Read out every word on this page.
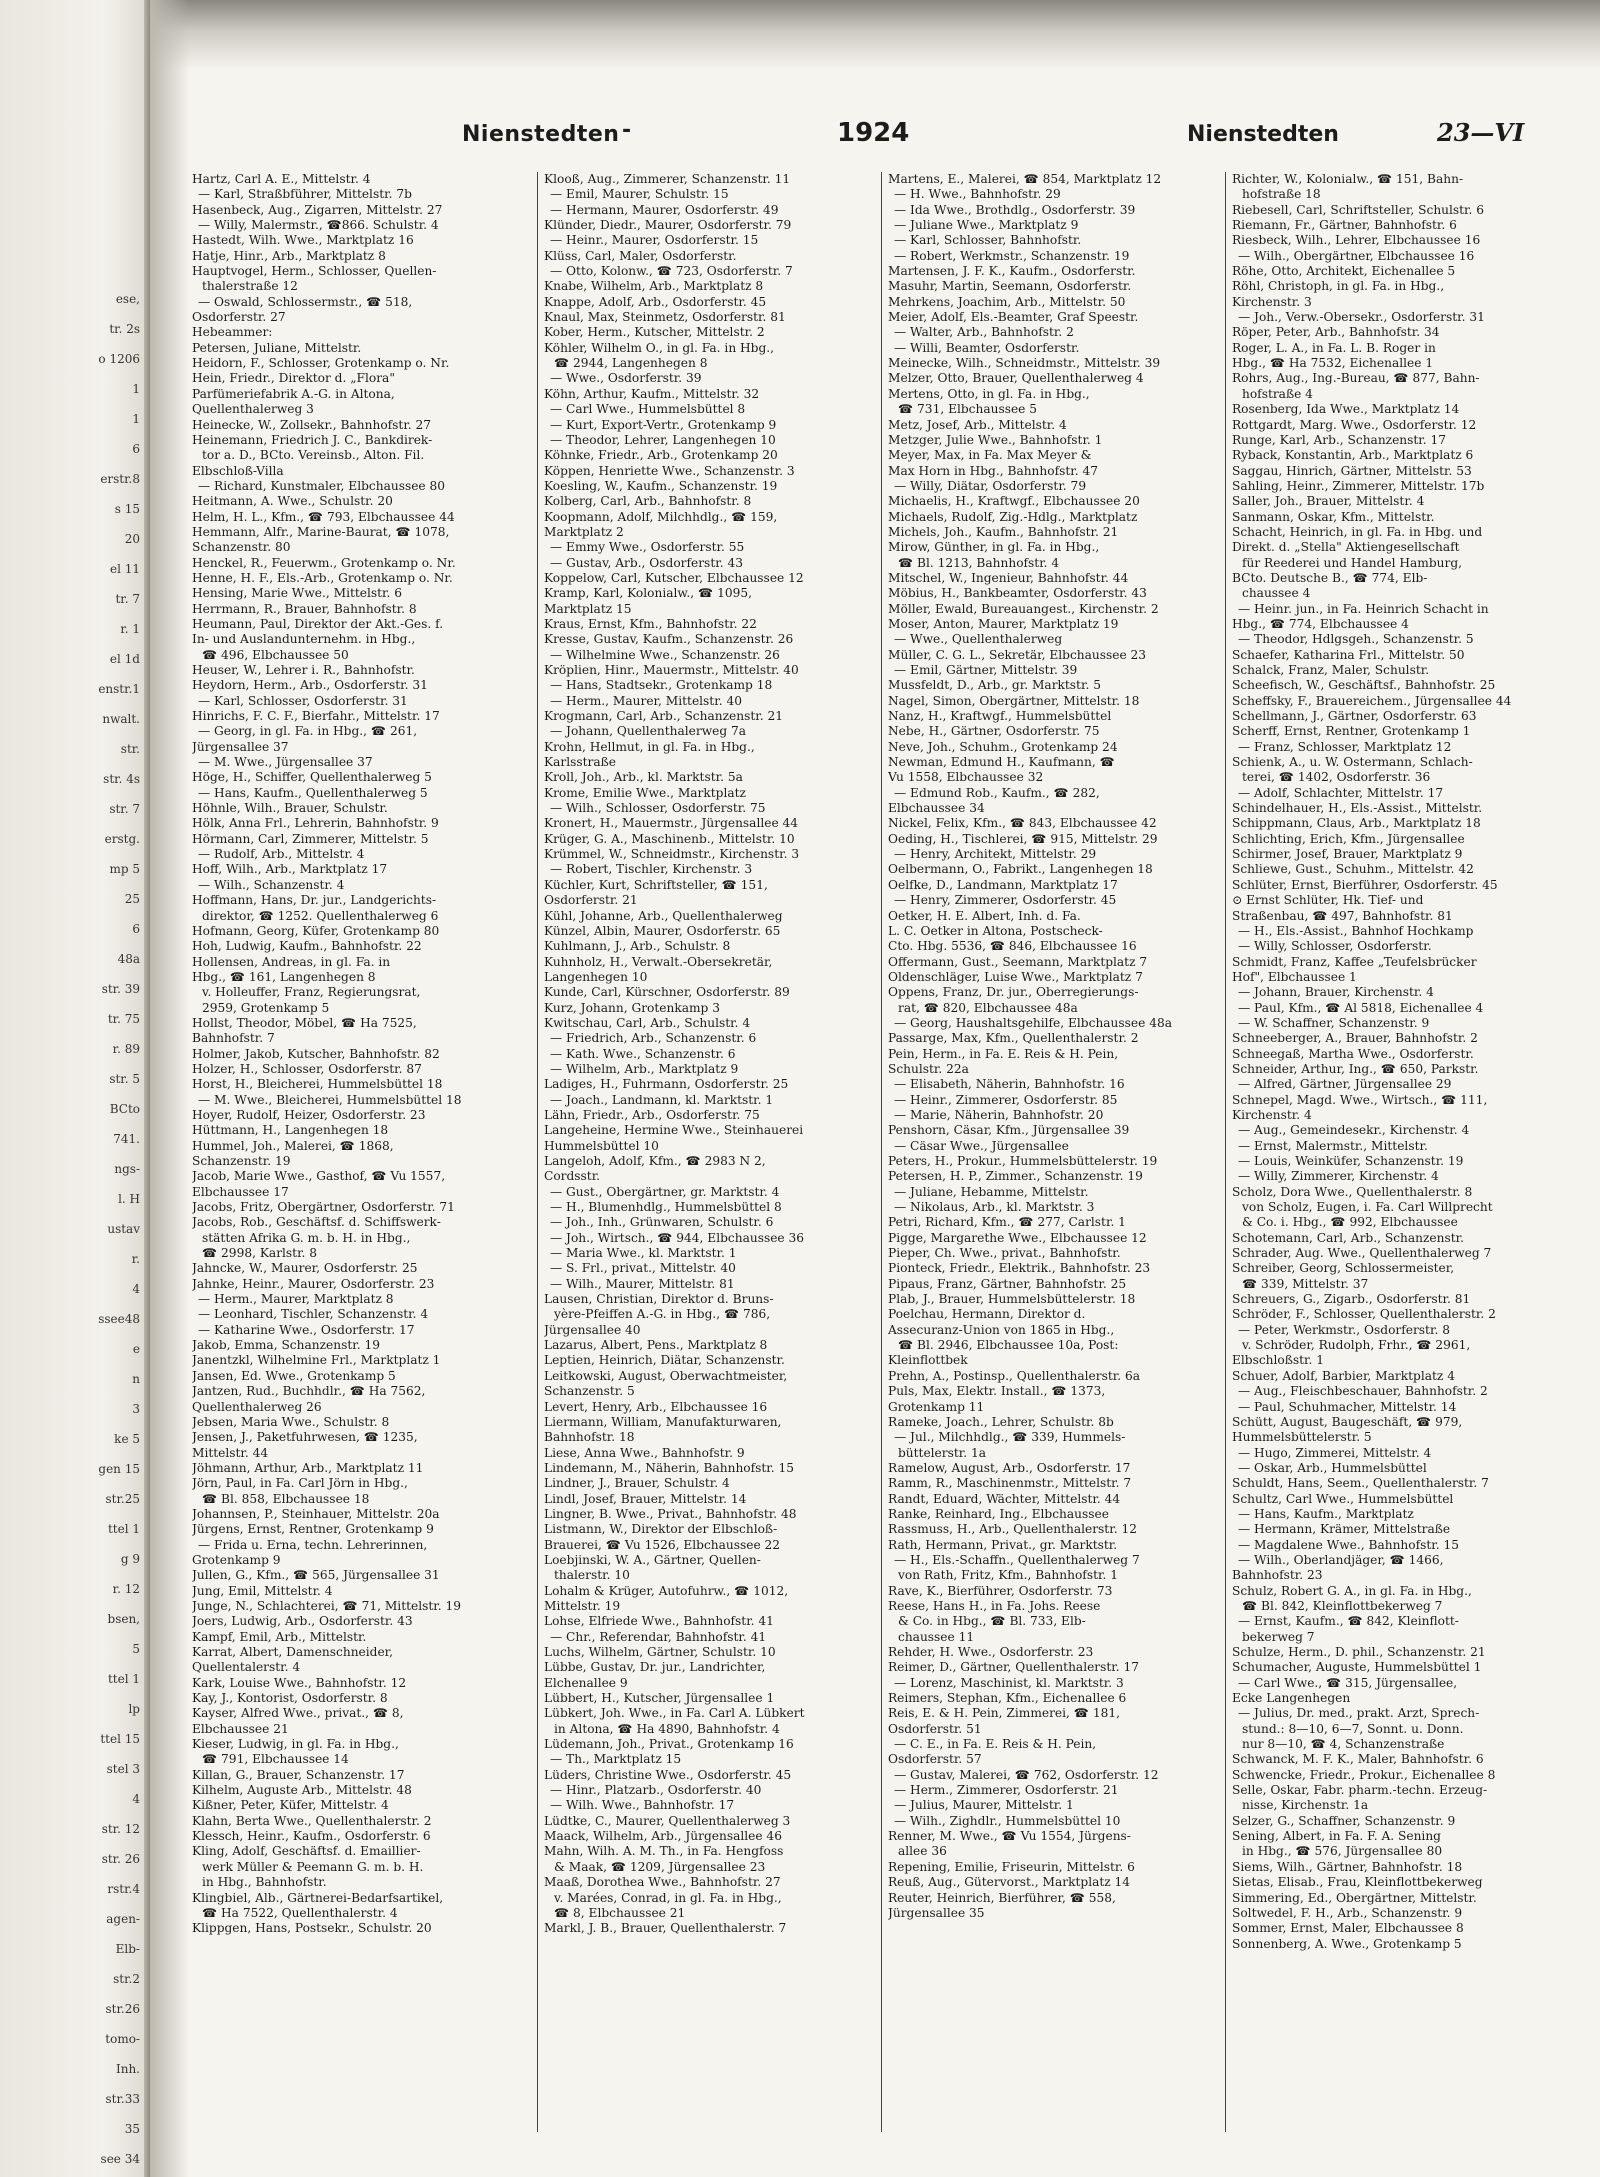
ese,
tr. 2s
o 1206
1
1
6
erstr.8
s 15
20
el 11
tr. 7
r. 1
el 1d
enstr.1
nwalt.
str.
str. 4s
str. 7
erstg.
mp 5
25
6
48a
str. 39
tr. 75
r. 89
str. 5
BCto
741.
ngs-
l. H
ustav
r.
4
ssee48
e
n
3
ke 5
gen 15
str.25
ttel 1
g 9
r. 12
bsen,
5
ttel 1
lp
ttel 15
stel 3
4
str. 12
str. 26
rstr.4
agen-
Elb-
str.2
str.26
tomo-
Inh.
str.33
35
see 34
Nienstedten -	1924	Nienstedten	23—VI
Hartz, Carl A. E., Mittelstr. 4
— Karl, Straßbführer, Mittelstr. 7b
Hasenbeck, Aug., Zigarren, Mittelstr. 27
— Willy, Malermstr., ☎866. Schulstr. 4
Hastedt, Wilh. Wwe., Marktplatz 16
Hatje, Hinr., Arb., Marktplatz 8
Hauptvogel, Herm., Schlosser, Quellen-
thalerstraße 12
— Oswald, Schlossermstr., ☎ 518,
Osdorferstr. 27
Hebeammer:
Petersen, Juliane, Mittelstr.
Heidorn, F., Schlosser, Grotenkamp o. Nr.
Hein, Friedr., Direktor d. „Flora"
Parfümeriefabrik A.-G. in Altona,
Quellenthalerweg 3
Heinecke, W., Zollsekr., Bahnhofstr. 27
Heinemann, Friedrich J. C., Bankdirek-
tor a. D., BCto. Vereinsb., Alton. Fil.
Elbschloß-Villa
— Richard, Kunstmaler, Elbchaussee 80
Heitmann, A. Wwe., Schulstr. 20
Helm, H. L., Kfm., ☎ 793, Elbchaussee 44
Hemmann, Alfr., Marine-Baurat, ☎ 1078,
Schanzenstr. 80
Henckel, R., Feuerwm., Grotenkamp o. Nr.
Henne, H. F., Els.-Arb., Grotenkamp o. Nr.
Hensing, Marie Wwe., Mittelstr. 6
Herrmann, R., Brauer, Bahnhofstr. 8
Heumann, Paul, Direktor der Akt.-Ges. f.
In- und Auslandunternehm. in Hbg.,
☎ 496, Elbchaussee 50
Heuser, W., Lehrer i. R., Bahnhofstr.
Heydorn, Herm., Arb., Osdorferstr. 31
— Karl, Schlosser, Osdorferstr. 31
Hinrichs, F. C. F., Bierfahr., Mittelstr. 17
— Georg, in gl. Fa. in Hbg., ☎ 261,
Jürgensallee 37
— M. Wwe., Jürgensallee 37
Höge, H., Schiffer, Quellenthalerweg 5
— Hans, Kaufm., Quellenthalerweg 5
Höhnle, Wilh., Brauer, Schulstr.
Hölk, Anna Frl., Lehrerin, Bahnhofstr. 9
Hörmann, Carl, Zimmerer, Mittelstr. 5
— Rudolf, Arb., Mittelstr. 4
Hoff, Wilh., Arb., Marktplatz 17
— Wilh., Schanzenstr. 4
Hoffmann, Hans, Dr. jur., Landgerichts-
direktor, ☎ 1252. Quellenthalerweg 6
Hofmann, Georg, Küfer, Grotenkamp 80
Hoh, Ludwig, Kaufm., Bahnhofstr. 22
Hollensen, Andreas, in gl. Fa. in
Hbg., ☎ 161, Langenhegen 8
v. Holleuffer, Franz, Regierungsrat,
2959, Grotenkamp 5
Hollst, Theodor, Möbel, ☎ Ha 7525,
Bahnhofstr. 7
Holmer, Jakob, Kutscher, Bahnhofstr. 82
Holzer, H., Schlosser, Osdorferstr. 87
Horst, H., Bleicherei, Hummelsbüttel 18
— M. Wwe., Bleicherei, Hummelsbüttel 18
Hoyer, Rudolf, Heizer, Osdorferstr. 23
Hüttmann, H., Langenhegen 18
Hummel, Joh., Malerei, ☎ 1868,
Schanzenstr. 19
Jacob, Marie Wwe., Gasthof, ☎ Vu 1557,
Elbchaussee 17
Jacobs, Fritz, Obergärtner, Osdorferstr. 71
Jacobs, Rob., Geschäftsf. d. Schiffswerk-
stätten Afrika G. m. b. H. in Hbg.,
☎ 2998, Karlstr. 8
Jahncke, W., Maurer, Osdorferstr. 25
Jahnke, Heinr., Maurer, Osdorferstr. 23
— Herm., Maurer, Marktplatz 8
— Leonhard, Tischler, Schanzenstr. 4
— Katharine Wwe., Osdorferstr. 17
Jakob, Emma, Schanzenstr. 19
Janentzkl, Wilhelmine Frl., Marktplatz 1
Jansen, Ed. Wwe., Grotenkamp 5
Jantzen, Rud., Buchhdlr., ☎ Ha 7562,
Quellenthalerweg 26
Jebsen, Maria Wwe., Schulstr. 8
Jensen, J., Paketfuhrwesen, ☎ 1235,
Mittelstr. 44
Jöhmann, Arthur, Arb., Marktplatz 11
Jörn, Paul, in Fa. Carl Jörn in Hbg.,
☎ Bl. 858, Elbchaussee 18
Johannsen, P., Steinhauer, Mittelstr. 20a
Jürgens, Ernst, Rentner, Grotenkamp 9
— Frida u. Erna, techn. Lehrerinnen,
Grotenkamp 9
Jullen, G., Kfm., ☎ 565, Jürgensallee 31
Jung, Emil, Mittelstr. 4
Junge, N., Schlachterei, ☎ 71, Mittelstr. 19
Joers, Ludwig, Arb., Osdorferstr. 43
Kampf, Emil, Arb., Mittelstr.
Karrat, Albert, Damenschneider,
Quellentalerstr. 4
Kark, Louise Wwe., Bahnhofstr. 12
Kay, J., Kontorist, Osdorferstr. 8
Kayser, Alfred Wwe., privat., ☎ 8,
Elbchaussee 21
Kieser, Ludwig, in gl. Fa. in Hbg.,
☎ 791, Elbchaussee 14
Killan, G., Brauer, Schanzenstr. 17
Kilhelm, Auguste Arb., Mittelstr. 48
Kißner, Peter, Küfer, Mittelstr. 4
Klahn, Berta Wwe., Quellenthalerstr. 2
Klessch, Heinr., Kaufm., Osdorferstr. 6
Kling, Adolf, Geschäftsf. d. Emaillier-
werk Müller & Peemann G. m. b. H.
in Hbg., Bahnhofstr.
Klingbiel, Alb., Gärtnerei-Bedarfsartikel,
☎ Ha 7522, Quellenthalerstr. 4
Klippgen, Hans, Postsekr., Schulstr. 20
Klooß, Aug., Zimmerer, Schanzenstr. 11
— Emil, Maurer, Schulstr. 15
— Hermann, Maurer, Osdorferstr. 49
Klünder, Diedr., Maurer, Osdorferstr. 79
— Heinr., Maurer, Osdorferstr. 15
Klüss, Carl, Maler, Osdorferstr.
— Otto, Kolonw., ☎ 723, Osdorferstr. 7
Knabe, Wilhelm, Arb., Marktplatz 8
Knappe, Adolf, Arb., Osdorferstr. 45
Knaul, Max, Steinmetz, Osdorferstr. 81
Kober, Herm., Kutscher, Mittelstr. 2
Köhler, Wilhelm O., in gl. Fa. in Hbg.,
☎ 2944, Langenhegen 8
— Wwe., Osdorferstr. 39
Köhn, Arthur, Kaufm., Mittelstr. 32
— Carl Wwe., Hummelsbüttel 8
— Kurt, Export-Vertr., Grotenkamp 9
— Theodor, Lehrer, Langenhegen 10
Köhnke, Friedr., Arb., Grotenkamp 20
Köppen, Henriette Wwe., Schanzenstr. 3
Koesling, W., Kaufm., Schanzenstr. 19
Kolberg, Carl, Arb., Bahnhofstr. 8
Koopmann, Adolf, Milchhdlg., ☎ 159,
Marktplatz 2
— Emmy Wwe., Osdorferstr. 55
— Gustav, Arb., Osdorferstr. 43
Koppelow, Carl, Kutscher, Elbchaussee 12
Kramp, Karl, Kolonialw., ☎ 1095,
Marktplatz 15
Kraus, Ernst, Kfm., Bahnhofstr. 22
Kresse, Gustav, Kaufm., Schanzenstr. 26
— Wilhelmine Wwe., Schanzenstr. 26
Kröplien, Hinr., Mauermstr., Mittelstr. 40
— Hans, Stadtsekr., Grotenkamp 18
— Herm., Maurer, Mittelstr. 40
Krogmann, Carl, Arb., Schanzenstr. 21
— Johann, Quellenthalerweg 7a
Krohn, Hellmut, in gl. Fa. in Hbg.,
Karlsstraße
Kroll, Joh., Arb., kl. Marktstr. 5a
Krome, Emilie Wwe., Marktplatz
— Wilh., Schlosser, Osdorferstr. 75
Kronert, H., Mauermstr., Jürgensallee 44
Krüger, G. A., Maschinenb., Mittelstr. 10
Krümmel, W., Schneidmstr., Kirchenstr. 3
— Robert, Tischler, Kirchenstr. 3
Küchler, Kurt, Schriftsteller, ☎ 151,
Osdorferstr. 21
Kühl, Johanne, Arb., Quellenthalerweg
Künzel, Albin, Maurer, Osdorferstr. 65
Kuhlmann, J., Arb., Schulstr. 8
Kuhnholz, H., Verwalt.-Obersekretär,
Langenhegen 10
Kunde, Carl, Kürschner, Osdorferstr. 89
Kurz, Johann, Grotenkamp 3
Kwitschau, Carl, Arb., Schulstr. 4
— Friedrich, Arb., Schanzenstr. 6
— Kath. Wwe., Schanzenstr. 6
— Wilhelm, Arb., Marktplatz 9
Ladiges, H., Fuhrmann, Osdorferstr. 25
— Joach., Landmann, kl. Marktstr. 1
Lähn, Friedr., Arb., Osdorferstr. 75
Langeheine, Hermine Wwe., Steinhauerei
Hummelsbüttel 10
Langeloh, Adolf, Kfm., ☎ 2983 N 2,
Cordsstr.
— Gust., Obergärtner, gr. Marktstr. 4
— H., Blumenhdlg., Hummelsbüttel 8
— Joh., Inh., Grünwaren, Schulstr. 6
— Joh., Wirtsch., ☎ 944, Elbchaussee 36
— Maria Wwe., kl. Marktstr. 1
— S. Frl., privat., Mittelstr. 40
— Wilh., Maurer, Mittelstr. 81
Lausen, Christian, Direktor d. Bruns-
yère-Pfeiffen A.-G. in Hbg., ☎ 786,
Jürgensallee 40
Lazarus, Albert, Pens., Marktplatz 8
Leptien, Heinrich, Diätar, Schanzenstr.
Leitkowski, August, Oberwachtmeister,
Schanzenstr. 5
Levert, Henry, Arb., Elbchaussee 16
Liermann, William, Manufakturwaren,
Bahnhofstr. 18
Liese, Anna Wwe., Bahnhofstr. 9
Lindemann, M., Näherin, Bahnhofstr. 15
Lindner, J., Brauer, Schulstr. 4
Lindl, Josef, Brauer, Mittelstr. 14
Lingner, B. Wwe., Privat., Bahnhofstr. 48
Listmann, W., Direktor der Elbschloß-
Brauerei, ☎ Vu 1526, Elbchaussee 22
Loebjinski, W. A., Gärtner, Quellen-
thalerstr. 10
Lohalm & Krüger, Autofuhrw., ☎ 1012,
Mittelstr. 19
Lohse, Elfriede Wwe., Bahnhofstr. 41
— Chr., Referendar, Bahnhofstr. 41
Luchs, Wilhelm, Gärtner, Schulstr. 10
Lübbe, Gustav, Dr. jur., Landrichter,
Elchenallee 9
Lübbert, H., Kutscher, Jürgensallee 1
Lübkert, Joh. Wwe., in Fa. Carl A. Lübkert
in Altona, ☎ Ha 4890, Bahnhofstr. 4
Lüdemann, Joh., Privat., Grotenkamp 16
— Th., Marktplatz 15
Lüders, Christine Wwe., Osdorferstr. 45
— Hinr., Platzarb., Osdorferstr. 40
— Wilh. Wwe., Bahnhofstr. 17
Lüdtke, C., Maurer, Quellenthalerweg 3
Maack, Wilhelm, Arb., Jürgensallee 46
Mahn, Wilh. A. M. Th., in Fa. Hengfoss
& Maak, ☎ 1209, Jürgensallee 23
Maaß, Dorothea Wwe., Bahnhofstr. 27
v. Marées, Conrad, in gl. Fa. in Hbg.,
☎ 8, Elbchaussee 21
Markl, J. B., Brauer, Quellenthalerstr. 7
Martens, E., Malerei, ☎ 854, Marktplatz 12
— H. Wwe., Bahnhofstr. 29
— Ida Wwe., Brothdlg., Osdorferstr. 39
— Juliane Wwe., Marktplatz 9
— Karl, Schlosser, Bahnhofstr.
— Robert, Werkmstr., Schanzenstr. 19
Martensen, J. F. K., Kaufm., Osdorferstr.
Masuhr, Martin, Seemann, Osdorferstr.
Mehrkens, Joachim, Arb., Mittelstr. 50
Meier, Adolf, Els.-Beamter, Graf Speestr.
— Walter, Arb., Bahnhofstr. 2
— Willi, Beamter, Osdorferstr.
Meinecke, Wilh., Schneidmstr., Mittelstr. 39
Melzer, Otto, Brauer, Quellenthalerweg 4
Mertens, Otto, in gl. Fa. in Hbg.,
☎ 731, Elbchaussee 5
Metz, Josef, Arb., Mittelstr. 4
Metzger, Julie Wwe., Bahnhofstr. 1
Meyer, Max, in Fa. Max Meyer &
Max Horn in Hbg., Bahnhofstr. 47
— Willy, Diätar, Osdorferstr. 79
Michaelis, H., Kraftwgf., Elbchaussee 20
Michaels, Rudolf, Zig.-Hdlg., Marktplatz
Michels, Joh., Kaufm., Bahnhofstr. 21
Mirow, Günther, in gl. Fa. in Hbg.,
☎ Bl. 1213, Bahnhofstr. 4
Mitschel, W., Ingenieur, Bahnhofstr. 44
Möbius, H., Bankbeamter, Osdorferstr. 43
Möller, Ewald, Bureauangest., Kirchenstr. 2
Moser, Anton, Maurer, Marktplatz 19
— Wwe., Quellenthalerweg
Müller, C. G. L., Sekretär, Elbchaussee 23
— Emil, Gärtner, Mittelstr. 39
Mussfeldt, D., Arb., gr. Marktstr. 5
Nagel, Simon, Obergärtner, Mittelstr. 18
Nanz, H., Kraftwgf., Hummelsbüttel
Nebe, H., Gärtner, Osdorferstr. 75
Neve, Joh., Schuhm., Grotenkamp 24
Newman, Edmund H., Kaufmann, ☎
Vu 1558, Elbchaussee 32
— Edmund Rob., Kaufm., ☎ 282,
Elbchaussee 34
Nickel, Felix, Kfm., ☎ 843, Elbchaussee 42
Oeding, H., Tischlerei, ☎ 915, Mittelstr. 29
— Henry, Architekt, Mittelstr. 29
Oelbermann, O., Fabrikt., Langenhegen 18
Oelfke, D., Landmann, Marktplatz 17
— Henry, Zimmerer, Osdorferstr. 45
Oetker, H. E. Albert, Inh. d. Fa.
L. C. Oetker in Altona, Postscheck-
Cto. Hbg. 5536, ☎ 846, Elbchaussee 16
Offermann, Gust., Seemann, Marktplatz 7
Oldenschläger, Luise Wwe., Marktplatz 7
Oppens, Franz, Dr. jur., Oberregierungs-
rat, ☎ 820, Elbchaussee 48a
— Georg, Haushaltsgehilfe, Elbchaussee 48a
Passarge, Max, Kfm., Quellenthalerstr. 2
Pein, Herm., in Fa. E. Reis & H. Pein,
Schulstr. 22a
— Elisabeth, Näherin, Bahnhofstr. 16
— Heinr., Zimmerer, Osdorferstr. 85
— Marie, Näherin, Bahnhofstr. 20
Penshorn, Cäsar, Kfm., Jürgensallee 39
— Cäsar Wwe., Jürgensallee
Peters, H., Prokur., Hummelsbüttelerstr. 19
Petersen, H. P., Zimmer., Schanzenstr. 19
— Juliane, Hebamme, Mittelstr.
— Nikolaus, Arb., kl. Marktstr. 3
Petri, Richard, Kfm., ☎ 277, Carlstr. 1
Pigge, Margarethe Wwe., Elbchaussee 12
Pieper, Ch. Wwe., privat., Bahnhofstr.
Pionteck, Friedr., Elektrik., Bahnhofstr. 23
Pipaus, Franz, Gärtner, Bahnhofstr. 25
Plab, J., Brauer, Hummelsbüttelerstr. 18
Poelchau, Hermann, Direktor d.
Assecuranz-Union von 1865 in Hbg.,
☎ Bl. 2946, Elbchaussee 10a, Post:
Kleinflottbek
Prehn, A., Postinsp., Quellenthalerstr. 6a
Puls, Max, Elektr. Install., ☎ 1373,
Grotenkamp 11
Rameke, Joach., Lehrer, Schulstr. 8b
— Jul., Milchhdlg., ☎ 339, Hummels-
büttelerstr. 1a
Ramelow, August, Arb., Osdorferstr. 17
Ramm, R., Maschinenmstr., Mittelstr. 7
Randt, Eduard, Wächter, Mittelstr. 44
Ranke, Reinhard, Ing., Elbchaussee
Rassmuss, H., Arb., Quellenthalerstr. 12
Rath, Hermann, Privat., gr. Marktstr.
— H., Els.-Schaffn., Quellenthalerweg 7
von Rath, Fritz, Kfm., Bahnhofstr. 1
Rave, K., Bierführer, Osdorferstr. 73
Reese, Hans H., in Fa. Johs. Reese
& Co. in Hbg., ☎ Bl. 733, Elb-
chaussee 11
Rehder, H. Wwe., Osdorferstr. 23
Reimer, D., Gärtner, Quellenthalerstr. 17
— Lorenz, Maschinist, kl. Marktstr. 3
Reimers, Stephan, Kfm., Eichenallee 6
Reis, E. & H. Pein, Zimmerei, ☎ 181,
Osdorferstr. 51
— C. E., in Fa. E. Reis & H. Pein,
Osdorferstr. 57
— Gustav, Malerei, ☎ 762, Osdorferstr. 12
— Herm., Zimmerer, Osdorferstr. 21
— Julius, Maurer, Mittelstr. 1
— Wilh., Zighdlr., Hummelsbüttel 10
Renner, M. Wwe., ☎ Vu 1554, Jürgens-
allee 36
Repening, Emilie, Friseurin, Mittelstr. 6
Reuß, Aug., Gütervorst., Marktplatz 14
Reuter, Heinrich, Bierführer, ☎ 558,
Jürgensallee 35
Richter, W., Kolonialw., ☎ 151, Bahn-
hofstraße 18
Riebesell, Carl, Schriftsteller, Schulstr. 6
Riemann, Fr., Gärtner, Bahnhofstr. 6
Riesbeck, Wilh., Lehrer, Elbchaussee 16
— Wilh., Obergärtner, Elbchaussee 16
Röhe, Otto, Architekt, Eichenallee 5
Röhl, Christoph, in gl. Fa. in Hbg.,
Kirchenstr. 3
— Joh., Verw.-Obersekr., Osdorferstr. 31
Röper, Peter, Arb., Bahnhofstr. 34
Roger, L. A., in Fa. L. B. Roger in
Hbg., ☎ Ha 7532, Eichenallee 1
Rohrs, Aug., Ing.-Bureau, ☎ 877, Bahn-
hofstraße 4
Rosenberg, Ida Wwe., Marktplatz 14
Rottgardt, Marg. Wwe., Osdorferstr. 12
Runge, Karl, Arb., Schanzenstr. 17
Ryback, Konstantin, Arb., Marktplatz 6
Saggau, Hinrich, Gärtner, Mittelstr. 53
Sahling, Heinr., Zimmerer, Mittelstr. 17b
Saller, Joh., Brauer, Mittelstr. 4
Sanmann, Oskar, Kfm., Mittelstr.
Schacht, Heinrich, in gl. Fa. in Hbg. und
Direkt. d. „Stella" Aktiengesellschaft
für Reederei und Handel Hamburg,
BCto. Deutsche B., ☎ 774, Elb-
chaussee 4
— Heinr. jun., in Fa. Heinrich Schacht in
Hbg., ☎ 774, Elbchaussee 4
— Theodor, Hdlgsgeh., Schanzenstr. 5
Schaefer, Katharina Frl., Mittelstr. 50
Schalck, Franz, Maler, Schulstr.
Scheefisch, W., Geschäftsf., Bahnhofstr. 25
Scheffsky, F., Brauereichem., Jürgensallee 44
Schellmann, J., Gärtner, Osdorferstr. 63
Scherff, Ernst, Rentner, Grotenkamp 1
— Franz, Schlosser, Marktplatz 12
Schienk, A., u. W. Ostermann, Schlach-
terei, ☎ 1402, Osdorferstr. 36
— Adolf, Schlachter, Mittelstr. 17
Schindelhauer, H., Els.-Assist., Mittelstr.
Schippmann, Claus, Arb., Marktplatz 18
Schlichting, Erich, Kfm., Jürgensallee
Schirmer, Josef, Brauer, Marktplatz 9
Schliewe, Gust., Schuhm., Mittelstr. 42
Schlüter, Ernst, Bierführer, Osdorferstr. 45
⊙ Ernst Schlüter, Hk. Tief- und
Straßenbau, ☎ 497, Bahnhofstr. 81
— H., Els.-Assist., Bahnhof Hochkamp
— Willy, Schlosser, Osdorferstr.
Schmidt, Franz, Kaffee „Teufelsbrücker
Hof", Elbchaussee 1
— Johann, Brauer, Kirchenstr. 4
— Paul, Kfm., ☎ Al 5818, Eichenallee 4
— W. Schaffner, Schanzenstr. 9
Schneeberger, A., Brauer, Bahnhofstr. 2
Schneegaß, Martha Wwe., Osdorferstr.
Schneider, Arthur, Ing., ☎ 650, Parkstr.
— Alfred, Gärtner, Jürgensallee 29
Schnepel, Magd. Wwe., Wirtsch., ☎ 111,
Kirchenstr. 4
— Aug., Gemeindesekr., Kirchenstr. 4
— Ernst, Malermstr., Mittelstr.
— Louis, Weinküfer, Schanzenstr. 19
— Willy, Zimmerer, Kirchenstr. 4
Scholz, Dora Wwe., Quellenthalerstr. 8
von Scholz, Eugen, i. Fa. Carl Willprecht
& Co. i. Hbg., ☎ 992, Elbchaussee
Schotemann, Carl, Arb., Schanzenstr.
Schrader, Aug. Wwe., Quellenthalerweg 7
Schreiber, Georg, Schlossermeister,
☎ 339, Mittelstr. 37
Schreuers, G., Zigarb., Osdorferstr. 81
Schröder, F., Schlosser, Quellenthalerstr. 2
— Peter, Werkmstr., Osdorferstr. 8
v. Schröder, Rudolph, Frhr., ☎ 2961,
Elbschloßstr. 1
Schuer, Adolf, Barbier, Marktplatz 4
— Aug., Fleischbeschauer, Bahnhofstr. 2
— Paul, Schuhmacher, Mittelstr. 14
Schütt, August, Baugeschäft, ☎ 979,
Hummelsbüttelerstr. 5
— Hugo, Zimmerei, Mittelstr. 4
— Oskar, Arb., Hummelsbüttel
Schuldt, Hans, Seem., Quellenthalerstr. 7
Schultz, Carl Wwe., Hummelsbüttel
— Hans, Kaufm., Marktplatz
— Hermann, Krämer, Mittelstraße
— Magdalene Wwe., Bahnhofstr. 15
— Wilh., Oberlandjäger, ☎ 1466,
Bahnhofstr. 23
Schulz, Robert G. A., in gl. Fa. in Hbg.,
☎ Bl. 842, Kleinflottbekerweg 7
— Ernst, Kaufm., ☎ 842, Kleinflott-
bekerweg 7
Schulze, Herm., D. phil., Schanzenstr. 21
Schumacher, Auguste, Hummelsbüttel 1
— Carl Wwe., ☎ 315, Jürgensallee,
Ecke Langenhegen
— Julius, Dr. med., prakt. Arzt, Sprech-
stund.: 8—10, 6—7, Sonnt. u. Donn.
nur 8—10, ☎ 4, Schanzenstraße
Schwanck, M. F. K., Maler, Bahnhofstr. 6
Schwencke, Friedr., Prokur., Eichenallee 8
Selle, Oskar, Fabr. pharm.-techn. Erzeug-
nisse, Kirchenstr. 1a
Selzer, G., Schaffner, Schanzenstr. 9
Sening, Albert, in Fa. F. A. Sening
in Hbg., ☎ 576, Jürgensallee 80
Siems, Wilh., Gärtner, Bahnhofstr. 18
Sietas, Elisab., Frau, Kleinflottbekerweg
Simmering, Ed., Obergärtner, Mittelstr.
Soltwedel, F. H., Arb., Schanzenstr. 9
Sommer, Ernst, Maler, Elbchaussee 8
Sonnenberg, A. Wwe., Grotenkamp 5
